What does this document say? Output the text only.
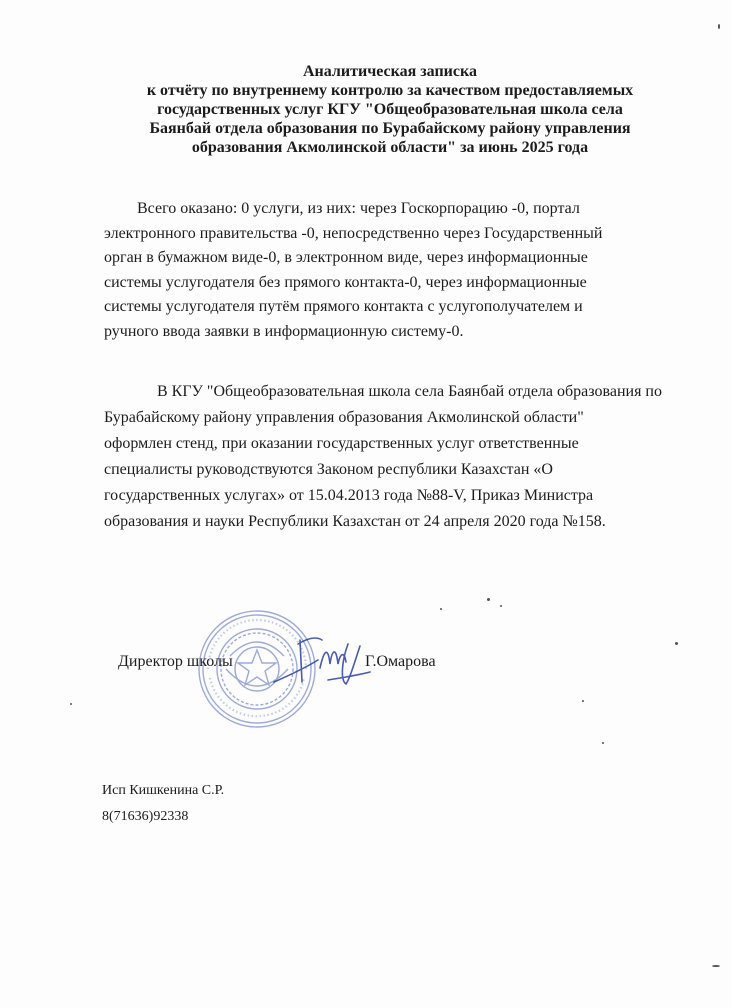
Аналитическая записка
к отчёту по внутреннему контролю за качеством предоставляемых
государственных услуг КГУ "Общеобразовательная школа села
Баянбай отдела образования по Бурабайскому району управления
образования Акмолинской области" за июнь 2025 года
Всего оказано: 0 услуги, из них: через Госкорпорацию -0, портал
электронного правительства -0, непосредственно через Государственный
орган в бумажном виде-0, в электронном виде, через информационные
системы услугодателя без прямого контакта-0, через информационные
системы услугодателя путём прямого контакта с услугополучателем и
ручного ввода заявки в информационную систему-0.
В КГУ "Общеобразовательная школа села Баянбай отдела образования по
Бурабайскому району управления образования Акмолинской области"
оформлен стенд, при оказании государственных услуг ответственные
специалисты руководствуются Законом республики Казахстан «О
государственных услугах» от 15.04.2013 года №88-V, Приказ Министра
образования и науки Республики Казахстан от 24 апреля 2020 года №158.
Директор школы	Г.Омарова
Исп Кишкенина С.Р.
8(71636)92338
